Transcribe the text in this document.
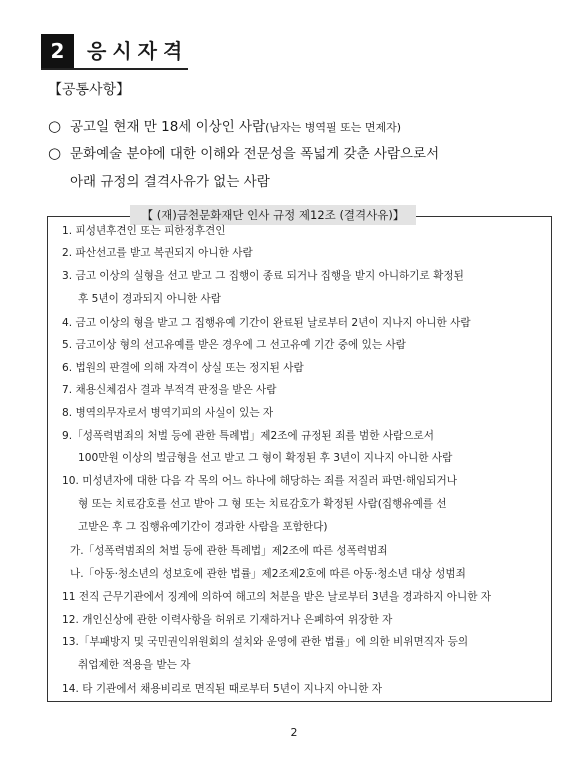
2	응시자격
【공통사항】
○ 공고일 현재 만 18세 이상인 사람(남자는 병역필 또는 면제자)
○ 문화예술 분야에 대한 이해와 전문성을 폭넓게 갖춘 사람으로서
아래 규정의 결격사유가 없는 사람
【 (재)금천문화재단 인사 규정 제12조 (결격사유)】
1. 피성년후견인 또는 피한정후견인
2. 파산선고를 받고 복권되지 아니한 사람
3. 금고 이상의 실형을 선고 받고 그 집행이 종료 되거나 집행을 받지 아니하기로 확정된
후 5년이 경과되지 아니한 사람
4. 금고 이상의 형을 받고 그 집행유예 기간이 완료된 날로부터 2년이 지나지 아니한 사람
5. 금고이상 형의 선고유예를 받은 경우에 그 선고유예 기간 중에 있는 사람
6. 법원의 판결에 의해 자격이 상실 또는 정지된 사람
7. 채용신체검사 결과 부적격 판정을 받은 사람
8. 병역의무자로서 병역기피의 사실이 있는 자
9.「성폭력범죄의 처벌 등에 관한 특례법」제2조에 규정된 죄를 범한 사람으로서
100만원 이상의 벌금형을 선고 받고 그 형이 확정된 후 3년이 지나지 아니한 사람
10. 미성년자에 대한 다음 각 목의 어느 하나에 해당하는 죄를 저질러 파면·해임되거나
형 또는 치료감호를 선고 받아 그 형 또는 치료감호가 확정된 사람(집행유예를 선
고받은 후 그 집행유예기간이 경과한 사람을 포함한다)
가.「성폭력범죄의 처벌 등에 관한 특례법」제2조에 따른 성폭력범죄
나.「아동·청소년의 성보호에 관한 법률」제2조제2호에 따른 아동·청소년 대상 성범죄
11 전직 근무기관에서 징계에 의하여 해고의 처분을 받은 날로부터 3년을 경과하지 아니한 자
12. 개인신상에 관한 이력사항을 허위로 기재하거나 은폐하여 위장한 자
13.「부패방지 및 국민권익위원회의 설치와 운영에 관한 법률」에 의한 비위면직자 등의
취업제한 적용을 받는 자
14. 타 기관에서 채용비리로 면직된 때로부터 5년이 지나지 아니한 자
2
